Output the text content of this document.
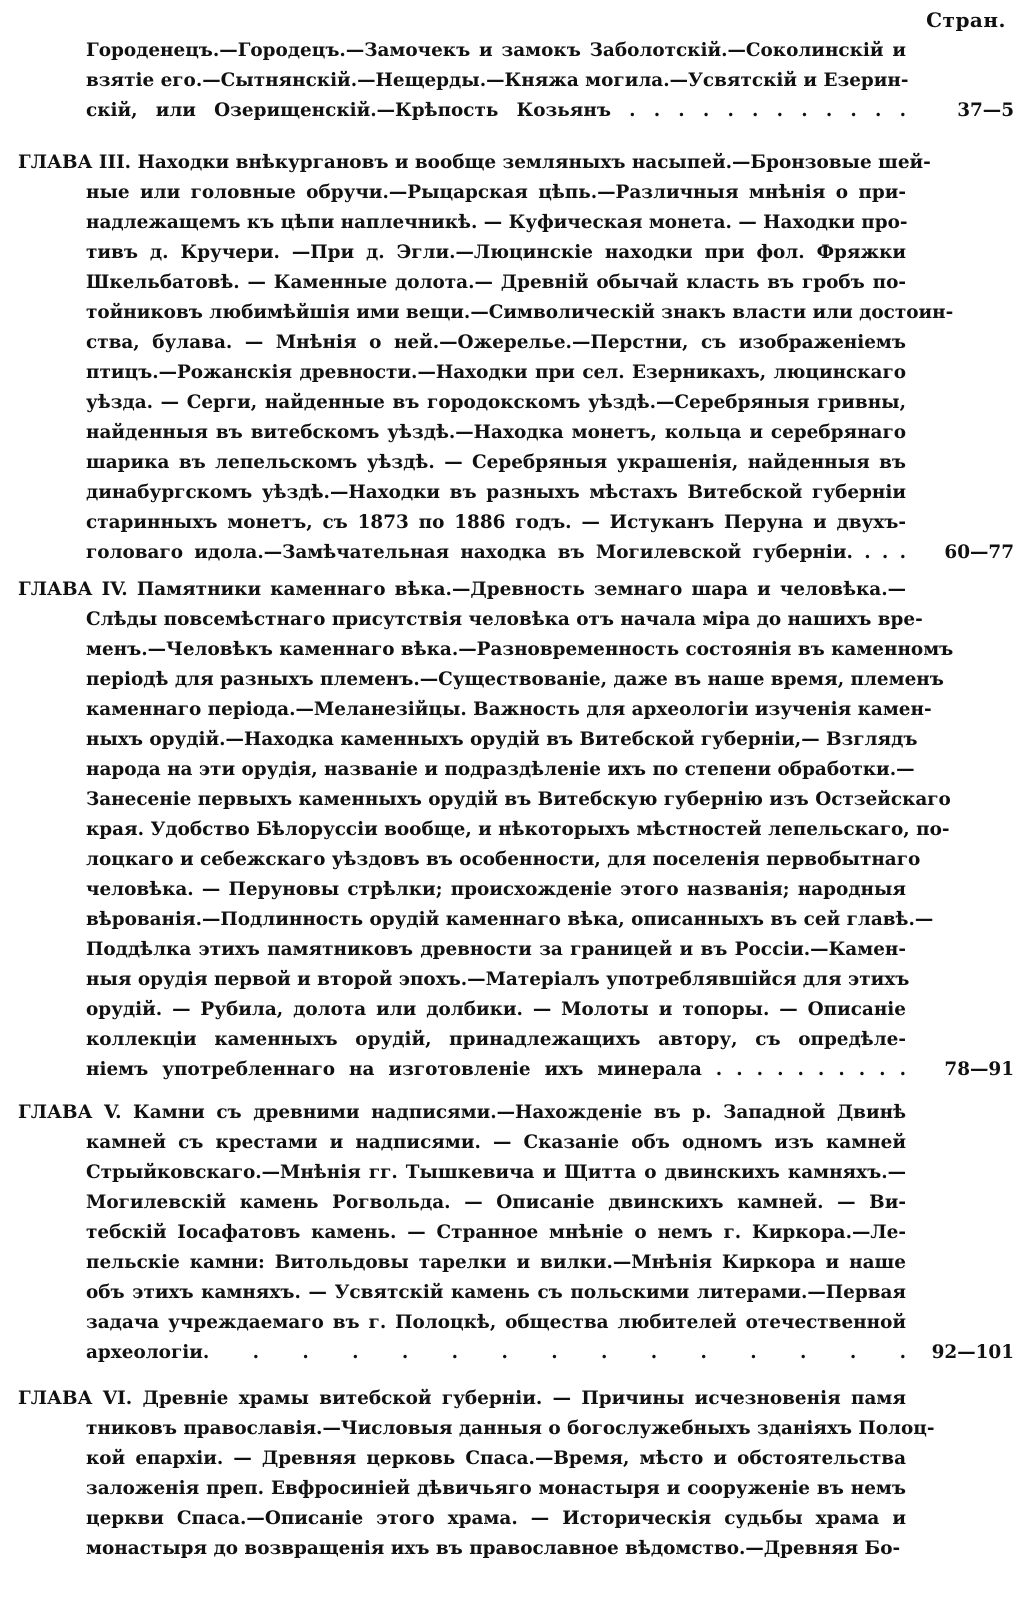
Стран.
Городенецъ.—Городецъ.—Замочекъ и замокъ Заболотскій.—Соколинскій и
взятіе его.—Сытнянскій.—Нещерды.—Княжа могила.—Усвятскій и Езерин-
скій, или Озерищенскій.—Крѣпость Козьянъ . . . . . . . . . . . .	37—5
ГЛАВА III. Находки внѣкургановъ и вообще земляныхъ насыпей.—Бронзовые шей-
ные или головные обручи.—Рыцарская цѣпь.—Различныя мнѣнія о при-
надлежащемъ къ цѣпи наплечникѣ. — Куфическая монета. — Находки про-
тивъ д. Кручери. —При д. Эгли.—Люцинскіе находки при фол. Фряжки
Шкельбатовѣ. — Каменные долота.— Древній обычай класть въ гробъ по-
тойниковъ любимѣйшія ими вещи.—Символическій знакъ власти или достоин-
ства, булава. — Мнѣнія о ней.—Ожерелье.—Перстни, съ изображеніемъ
птицъ.—Рожанскія древности.—Находки при сел. Езерникахъ, люцинскаго
уѣзда. — Серги, найденные въ городокскомъ уѣздѣ.—Серебряныя гривны,
найденныя въ витебскомъ уѣздѣ.—Находка монетъ, кольца и серебрянаго
шарика въ лепельскомъ уѣздѣ. — Серебряныя украшенія, найденныя въ
динабургскомъ уѣздѣ.—Находки въ разныхъ мѣстахъ Витебской губерніи
старинныхъ монетъ, съ 1873 по 1886 годъ. — Истуканъ Перуна и двухъ-
головаго идола.—Замѣчательная находка въ Могилевской губерніи. . . .	60—77
ГЛАВА IV. Памятники каменнаго вѣка.—Древность земнаго шара и человѣка.—
Слѣды повсемѣстнаго присутствія человѣка отъ начала міра до нашихъ вре-
менъ.—Человѣкъ каменнаго вѣка.—Разновременность состоянія въ каменномъ
періодѣ для разныхъ племенъ.—Существованіе, даже въ наше время, племенъ
каменнаго періода.—Меланезійцы. Важность для археологіи изученія камен-
ныхъ орудій.—Находка каменныхъ орудій въ Витебской губерніи,— Взглядъ
народа на эти орудія, названіе и подраздѣленіе ихъ по степени обработки.—
Занесеніе первыхъ каменныхъ орудій въ Витебскую губернію изъ Остзейскаго
края. Удобство Бѣлоруссіи вообще, и нѣкоторыхъ мѣстностей лепельскаго, по-
лоцкаго и себежскаго уѣздовъ въ особенности, для поселенія первобытнаго
человѣка. — Перуновы стрѣлки; происхожденіе этого названія; народныя
вѣрованія.—Подлинность орудій каменнаго вѣка, описанныхъ въ сей главѣ.—
Поддѣлка этихъ памятниковъ древности за границей и въ Россіи.—Камен-
ныя орудія первой и второй эпохъ.—Матеріалъ употреблявшійся для этихъ
орудій. — Рубила, долота или долбики. — Молоты и топоры. — Описаніе
коллекціи каменныхъ орудій, принадлежащихъ автору, съ опредѣле-
ніемъ употребленнаго на изготовленіе ихъ минерала . . . . . . . . . .	78—91
ГЛАВА V. Камни съ древними надписями.—Нахожденіе въ р. Западной Двинѣ
камней съ крестами и надписями. — Сказаніе объ одномъ изъ камней
Стрыйковскаго.—Мнѣнія гг. Тышкевича и Щитта о двинскихъ камняхъ.—
Могилевскій камень Рогвольда. — Описаніе двинскихъ камней. — Ви-
тебскій Іосафатовъ камень. — Странное мнѣніе о немъ г. Киркора.—Ле-
пельскіе камни: Витольдовы тарелки и вилки.—Мнѣнія Киркора и наше
объ этихъ камняхъ. — Усвятскій камень съ польскими литерами.—Первая
задача учреждаемаго въ г. Полоцкѣ, общества любителей отечественной
археологіи. . . . . . . . . . . . . . .	92—101
ГЛАВА VI. Древніе храмы витебской губерніи. — Причины исчезновенія памя
тниковъ православія.—Числовыя данныя о богослужебныхъ зданіяхъ Полоц-
кой епархіи. — Древняя церковь Спаса.—Время, мѣсто и обстоятельства
заложенія преп. Евфросиніей дѣвичьяго монастыря и сооруженіе въ немъ
церкви Спаса.—Описаніе этого храма. — Историческія судьбы храма и
монастыря до возвращенія ихъ въ православное вѣдомство.—Древняя Бо-
